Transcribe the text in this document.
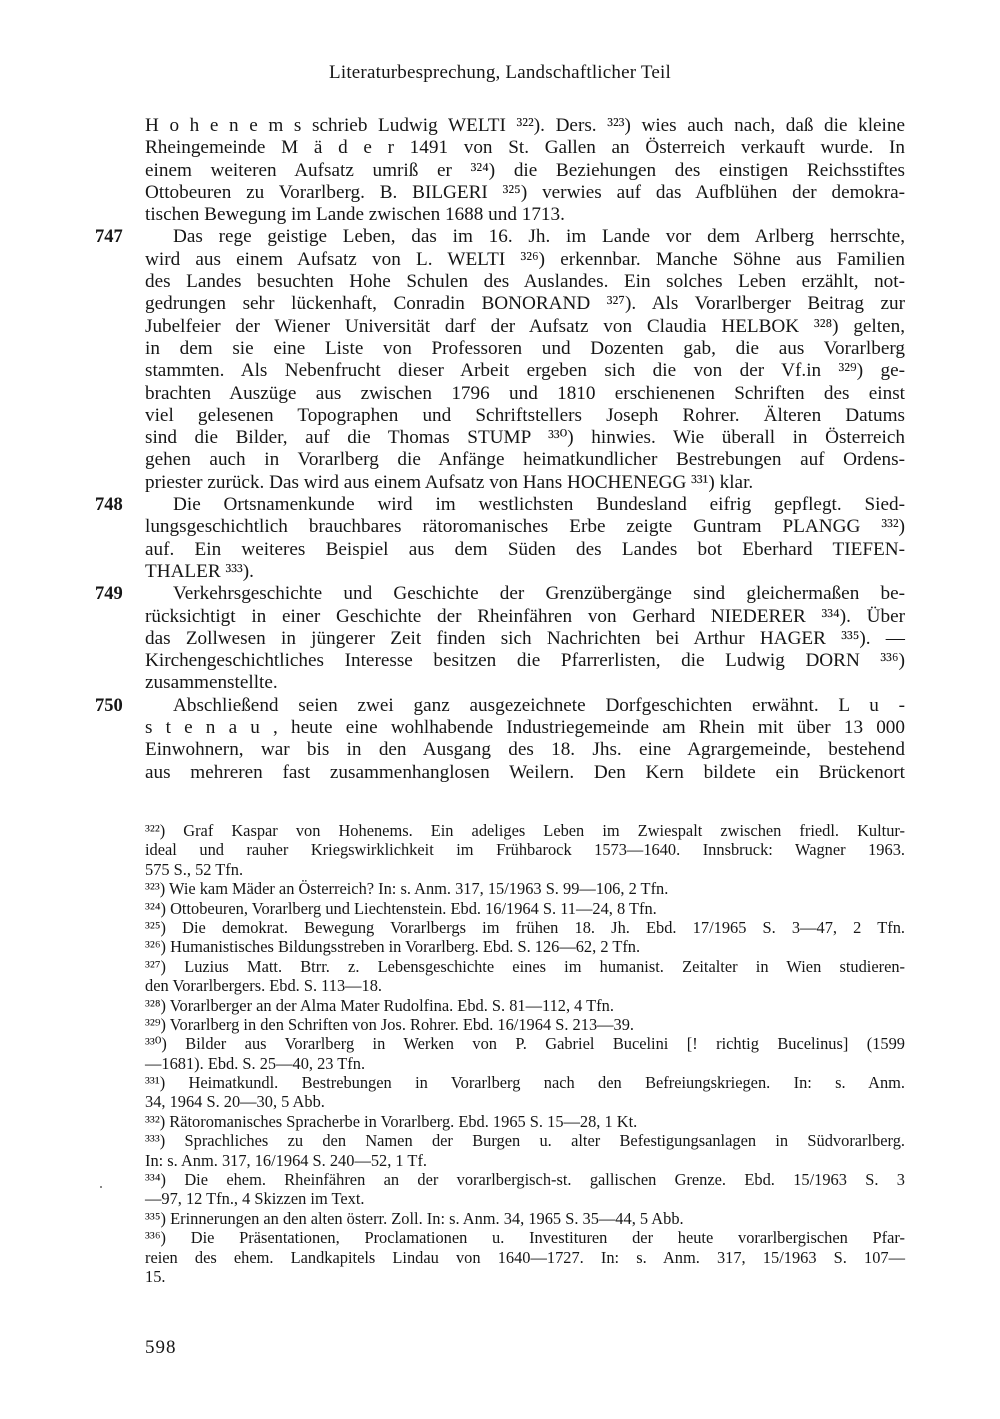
Literaturbesprechung, Landschaftlicher Teil
H o h e n e m s schrieb Ludwig WELTI ³²²). Ders. ³²³) wies auch nach, daß die kleine
Rheingemeinde M ä d e r 1491 von St. Gallen an Österreich verkauft wurde. In
einem weiteren Aufsatz umriß er ³²⁴) die Beziehungen des einstigen Reichsstiftes
Ottobeuren zu Vorarlberg. B. BILGERI ³²⁵) verwies auf das Aufblühen der demokra-
tischen Bewegung im Lande zwischen 1688 und 1713.
747	Das rege geistige Leben, das im 16. Jh. im Lande vor dem Arlberg herrschte,
wird aus einem Aufsatz von L. WELTI ³²⁶) erkennbar. Manche Söhne aus Familien
des Landes besuchten Hohe Schulen des Auslandes. Ein solches Leben erzählt, not-
gedrungen sehr lückenhaft, Conradin BONORAND ³²⁷). Als Vorarlberger Beitrag zur
Jubelfeier der Wiener Universität darf der Aufsatz von Claudia HELBOK ³²⁸) gelten,
in dem sie eine Liste von Professoren und Dozenten gab, die aus Vorarlberg
stammten. Als Nebenfrucht dieser Arbeit ergeben sich die von der Vf.in ³²⁹) ge-
brachten Auszüge aus zwischen 1796 und 1810 erschienenen Schriften des einst
viel gelesenen Topographen und Schriftstellers Joseph Rohrer. Älteren Datums
sind die Bilder, auf die Thomas STUMP ³³⁰) hinwies. Wie überall in Österreich
gehen auch in Vorarlberg die Anfänge heimatkundlicher Bestrebungen auf Ordens-
priester zurück. Das wird aus einem Aufsatz von Hans HOCHENEGG ³³¹) klar.
748	Die Ortsnamenkunde wird im westlichsten Bundesland eifrig gepflegt. Sied-
lungsgeschichtlich brauchbares rätoromanisches Erbe zeigte Guntram PLANGG ³³²)
auf. Ein weiteres Beispiel aus dem Süden des Landes bot Eberhard TIEFEN-
THALER ³³³).
749	Verkehrsgeschichte und Geschichte der Grenzübergänge sind gleichermaßen be-
rücksichtigt in einer Geschichte der Rheinfähren von Gerhard NIEDERER ³³⁴). Über
das Zollwesen in jüngerer Zeit finden sich Nachrichten bei Arthur HAGER ³³⁵). —
Kirchengeschichtliches Interesse besitzen die Pfarrerlisten, die Ludwig DORN ³³⁶)
zusammenstellte.
750	Abschließend seien zwei ganz ausgezeichnete Dorfgeschichten erwähnt. L u -
s t e n a u , heute eine wohlhabende Industriegemeinde am Rhein mit über 13 000
Einwohnern, war bis in den Ausgang des 18. Jhs. eine Agrargemeinde, bestehend
aus mehreren fast zusammenhanglosen Weilern. Den Kern bildete ein Brückenort
³²²) Graf Kaspar von Hohenems. Ein adeliges Leben im Zwiespalt zwischen friedl. Kultur-
ideal und rauher Kriegswirklichkeit im Frühbarock 1573—1640. Innsbruck: Wagner 1963.
575 S., 52 Tfn.
³²³) Wie kam Mäder an Österreich? In: s. Anm. 317, 15/1963 S. 99—106, 2 Tfn.
³²⁴) Ottobeuren, Vorarlberg und Liechtenstein. Ebd. 16/1964 S. 11—24, 8 Tfn.
³²⁵) Die demokrat. Bewegung Vorarlbergs im frühen 18. Jh. Ebd. 17/1965 S. 3—47, 2 Tfn.
³²⁶) Humanistisches Bildungsstreben in Vorarlberg. Ebd. S. 126—62, 2 Tfn.
³²⁷) Luzius Matt. Btrr. z. Lebensgeschichte eines im humanist. Zeitalter in Wien studieren-
den Vorarlbergers. Ebd. S. 113—18.
³²⁸) Vorarlberger an der Alma Mater Rudolfina. Ebd. S. 81—112, 4 Tfn.
³²⁹) Vorarlberg in den Schriften von Jos. Rohrer. Ebd. 16/1964 S. 213—39.
³³⁰) Bilder aus Vorarlberg in Werken von P. Gabriel Bucelini [! richtig Bucelinus] (1599
—1681). Ebd. S. 25—40, 23 Tfn.
³³¹) Heimatkundl. Bestrebungen in Vorarlberg nach den Befreiungskriegen. In: s. Anm.
34, 1964 S. 20—30, 5 Abb.
³³²) Rätoromanisches Spracherbe in Vorarlberg. Ebd. 1965 S. 15—28, 1 Kt.
³³³) Sprachliches zu den Namen der Burgen u. alter Befestigungsanlagen in Südvorarlberg.
In: s. Anm. 317, 16/1964 S. 240—52, 1 Tf.
³³⁴) Die ehem. Rheinfähren an der vorarlbergisch-st. gallischen Grenze. Ebd. 15/1963 S. 3
—97, 12 Tfn., 4 Skizzen im Text.
³³⁵) Erinnerungen an den alten österr. Zoll. In: s. Anm. 34, 1965 S. 35—44, 5 Abb.
³³⁶) Die Präsentationen, Proclamationen u. Investituren der heute vorarlbergischen Pfar-
reien des ehem. Landkapitels Lindau von 1640—1727. In: s. Anm. 317, 15/1963 S. 107—
15.
598
